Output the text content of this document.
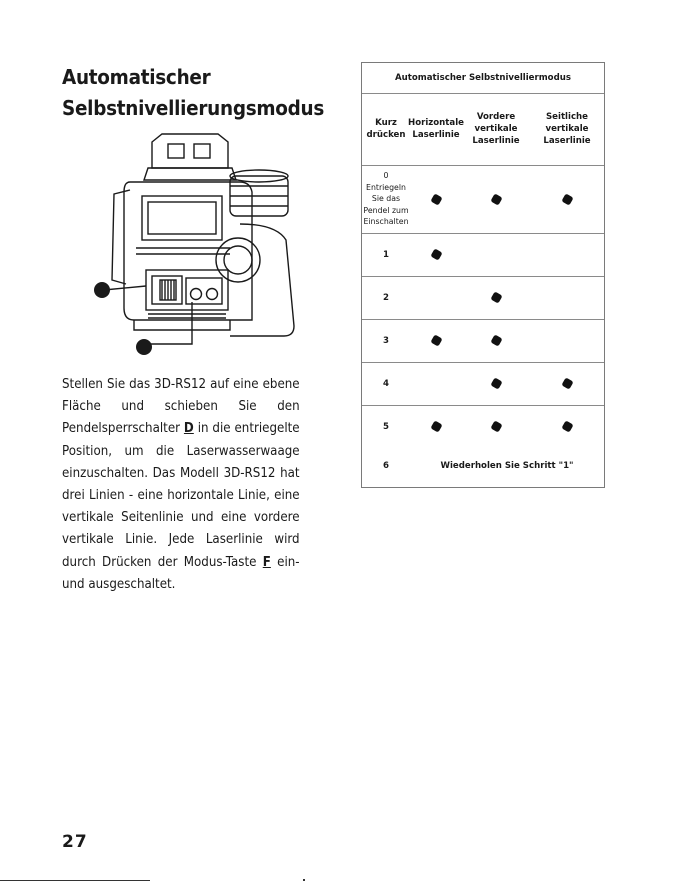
Automatischer
Selbstnivellierungsmodus
Stellen Sie das 3D-RS12 auf eine ebene Fläche und schieben Sie den Pendelsperrschalter D in die entriegelte Position, um die Laserwasserwaage einzuschalten. Das Modell 3D-RS12 hat drei Linien - eine horizontale Linie, eine vertikale Seitenlinie und eine vordere vertikale Linie. Jede Laserlinie wird durch Drücken der Modus-Taste F ein- und ausgeschaltet.
Automatischer Selbstnivelliermodus
Kurz drücken
Horizontale Laserlinie
Vordere vertikale Laserlinie
Seitliche vertikale Laserlinie
0
Entriegeln Sie das Pendel zum Einschalten
1
2
3
4
5
6	Wiederholen Sie Schritt "1"
27
